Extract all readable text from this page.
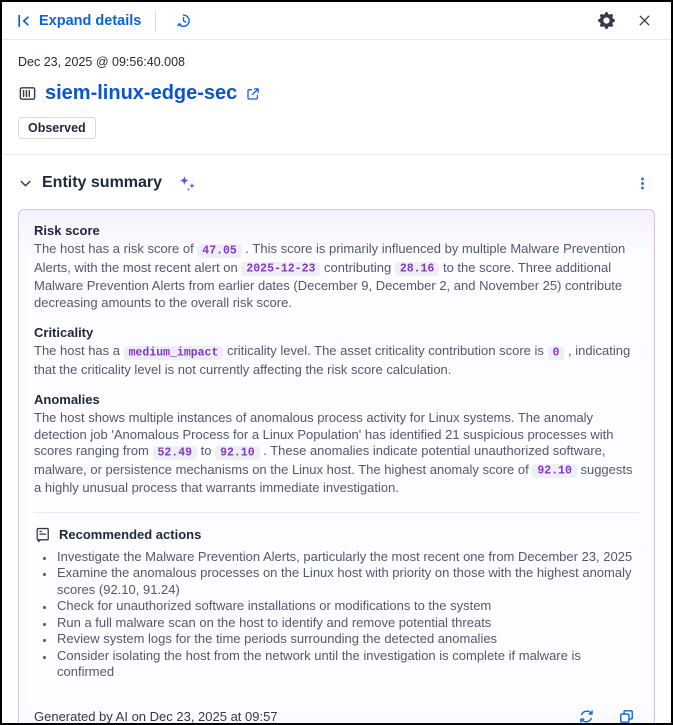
Expand details
Dec 23, 2025 @ 09:56:40.008
siem-linux-edge-sec
Observed
Entity summary
Risk score

The host has a risk score of 47.05 . This score is primarily influenced by multiple Malware Prevention Alerts, with the most recent alert on 2025-12-23 contributing 28.16 to the score. Three additional Malware Prevention Alerts from earlier dates (December 9, December 2, and November 25) contribute decreasing amounts to the overall risk score.

Criticality

The host has a medium_impact criticality level. The asset criticality contribution score is 0 , indicating that the criticality level is not currently affecting the risk score calculation.

Anomalies

The host shows multiple instances of anomalous process activity for Linux systems. The anomaly detection job 'Anomalous Process for a Linux Population' has identified 21 suspicious processes with scores ranging from 52.49 to 92.10 . These anomalies indicate potential unauthorized software, malware, or persistence mechanisms on the Linux host. The highest anomaly score of 92.10 suggests a highly unusual process that warrants immediate investigation.

Recommended actions
• Investigate the Malware Prevention Alerts, particularly the most recent one from December 23, 2025
• Examine the anomalous processes on the Linux host with priority on those with the highest anomaly scores (92.10, 91.24)
• Check for unauthorized software installations or modifications to the system
• Run a full malware scan on the host to identify and remove potential threats
• Review system logs for the time periods surrounding the detected anomalies
• Consider isolating the host from the network until the investigation is complete if malware is confirmed
Generated by AI on Dec 23, 2025 at 09:57
